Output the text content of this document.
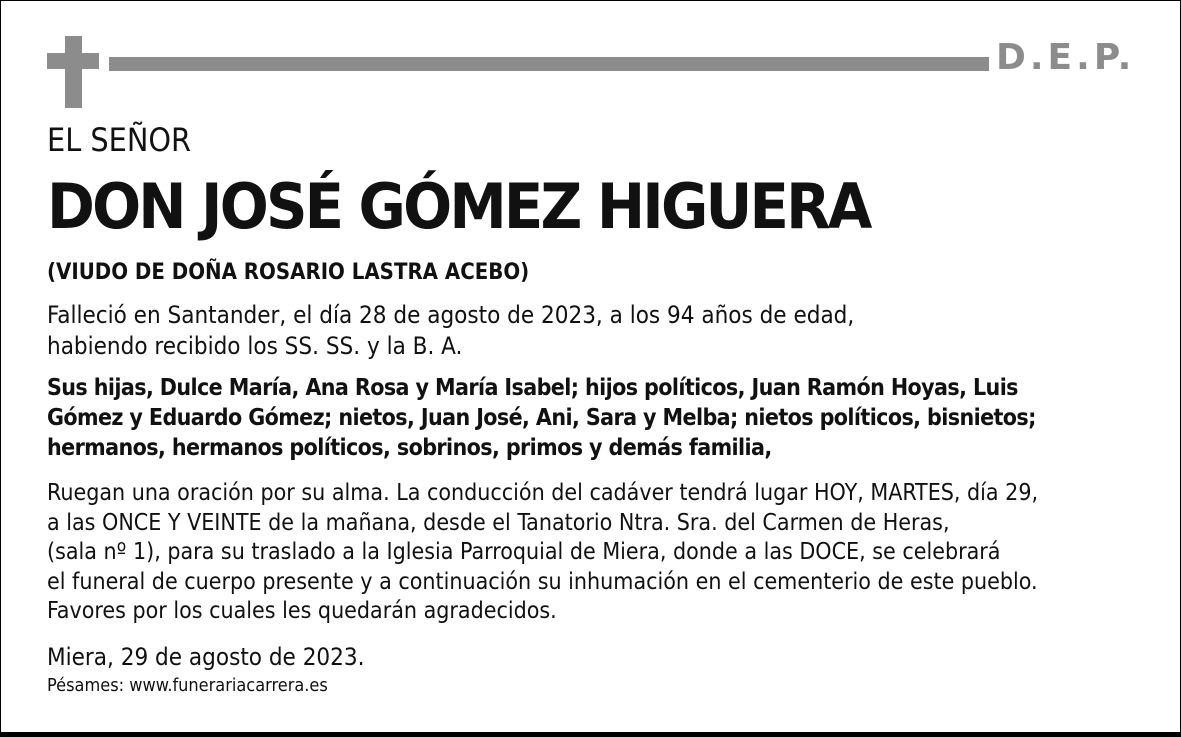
D.E.P.
EL SEÑOR
DON JOSÉ GÓMEZ HIGUERA
(VIUDO DE DOÑA ROSARIO LASTRA ACEBO)
Falleció en Santander, el día 28 de agosto de 2023, a los 94 años de edad,
habiendo recibido los SS. SS. y la B. A.
Sus hijas, Dulce María, Ana Rosa y María Isabel; hijos políticos, Juan Ramón Hoyas, Luis
Gómez y Eduardo Gómez; nietos, Juan José, Ani, Sara y Melba; nietos políticos, bisnietos;
hermanos, hermanos políticos, sobrinos, primos y demás familia,
Ruegan una oración por su alma. La conducción del cadáver tendrá lugar HOY, MARTES, día 29,
a las ONCE Y VEINTE de la mañana, desde el Tanatorio Ntra. Sra. del Carmen de Heras,
(sala nº 1), para su traslado a la Iglesia Parroquial de Miera, donde a las DOCE, se celebrará
el funeral de cuerpo presente y a continuación su inhumación en el cementerio de este pueblo.
Favores por los cuales les quedarán agradecidos.
Miera, 29 de agosto de 2023.
Pésames: www.funerariacarrera.es
